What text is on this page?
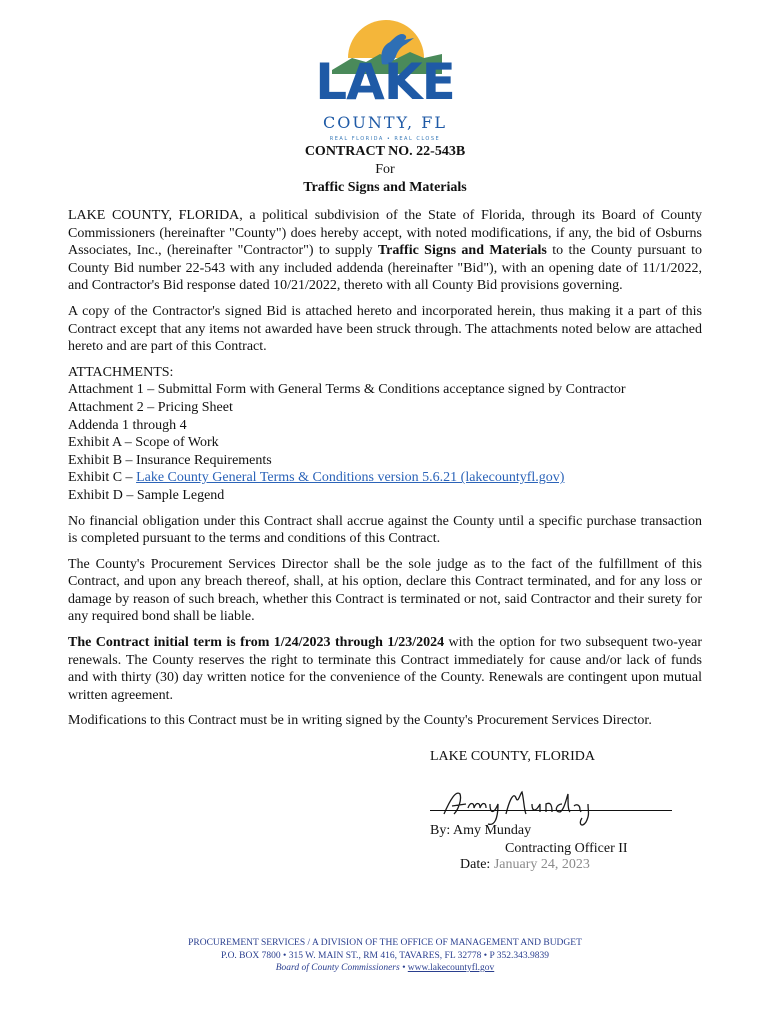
LAKE
COUNTY, FL
REAL FLORIDA • REAL CLOSE
CONTRACT NO. 22-543B
For
Traffic Signs and Materials

LAKE COUNTY, FLORIDA, a political subdivision of the State of Florida, through its Board of County Commissioners (hereinafter "County") does hereby accept, with noted modifications, if any, the bid of Osburns Associates, Inc., (hereinafter "Contractor") to supply Traffic Signs and Materials to the County pursuant to County Bid number 22-543 with any included addenda (hereinafter "Bid"), with an opening date of 11/1/2022, and Contractor's Bid response dated 10/21/2022, thereto with all County Bid provisions governing.

A copy of the Contractor's signed Bid is attached hereto and incorporated herein, thus making it a part of this Contract except that any items not awarded have been struck through. The attachments noted below are attached hereto and are part of this Contract.

ATTACHMENTS:
Attachment 1 – Submittal Form with General Terms & Conditions acceptance signed by Contractor
Attachment 2 – Pricing Sheet
Addenda 1 through 4
Exhibit A – Scope of Work
Exhibit B – Insurance Requirements
Exhibit C – Lake County General Terms & Conditions version 5.6.21 (lakecountyfl.gov)
Exhibit D – Sample Legend

No financial obligation under this Contract shall accrue against the County until a specific purchase transaction is completed pursuant to the terms and conditions of this Contract.

The County's Procurement Services Director shall be the sole judge as to the fact of the fulfillment of this Contract, and upon any breach thereof, shall, at his option, declare this Contract terminated, and for any loss or damage by reason of such breach, whether this Contract is terminated or not, said Contractor and their surety for any required bond shall be liable.

The Contract initial term is from 1/24/2023 through 1/23/2024 with the option for two subsequent two-year renewals. The County reserves the right to terminate this Contract immediately for cause and/or lack of funds and with thirty (30) day written notice for the convenience of the County. Renewals are contingent upon mutual written agreement.

Modifications to this Contract must be in writing signed by the County's Procurement Services Director.

LAKE COUNTY, FLORIDA
By: Amy Munday
Contracting Officer II
Date: January 24, 2023
PROCUREMENT SERVICES / A DIVISION OF THE OFFICE OF MANAGEMENT AND BUDGET
P.O. BOX 7800 • 315 W. MAIN ST., RM 416, TAVARES, FL 32778 • P 352.343.9839
Board of County Commissioners • www.lakecountyfl.gov
